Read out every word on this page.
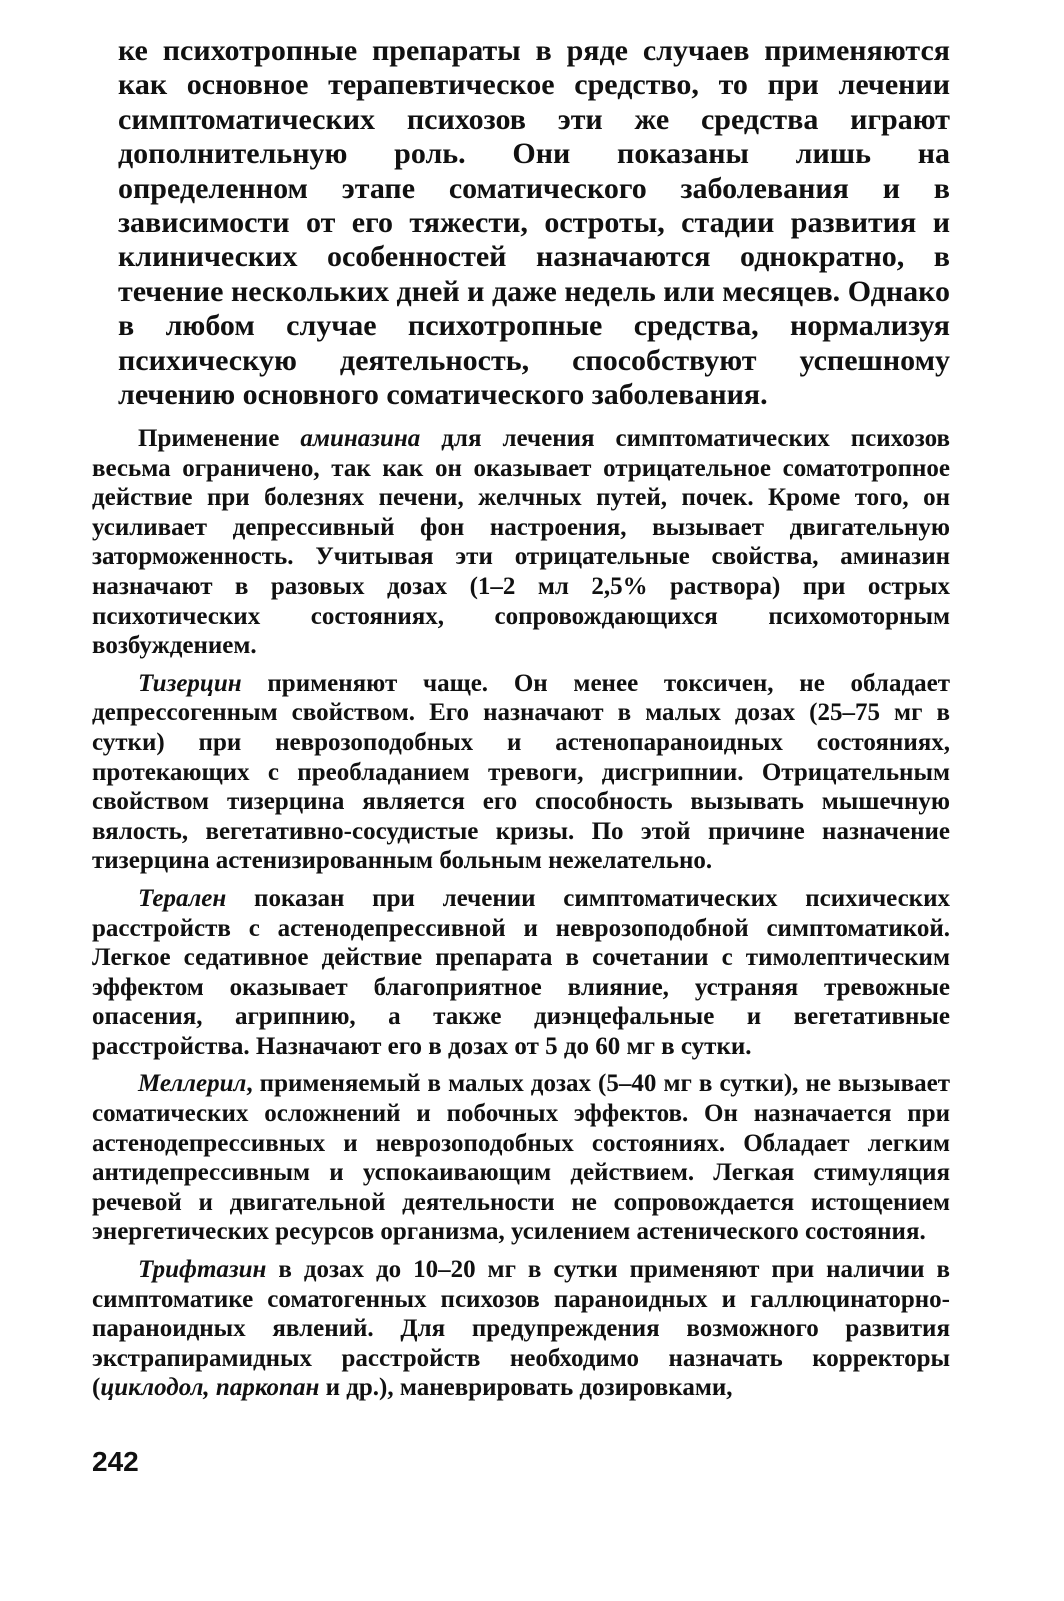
ке психотропные препараты в ряде случаев применяются как основное терапевтическое средство, то при лечении симптоматических психозов эти же средства играют дополнительную роль. Они показаны лишь на определенном этапе соматического заболевания и в зависимости от его тяжести, остроты, стадии развития и клинических особенностей назначаются однократно, в течение нескольких дней и даже недель или месяцев. Однако в любом случае психотропные средства, нормализуя психическую деятельность, способствуют успешному лечению основного соматического заболевания.

Применение аминазина для лечения симптоматических психозов весьма ограничено, так как он оказывает отрицательное соматотропное действие при болезнях печени, желчных путей, почек. Кроме того, он усиливает депрессивный фон настроения, вызывает двигательную заторможенность. Учитывая эти отрицательные свойства, аминазин назначают в разовых дозах (1–2 мл 2,5% раствора) при острых психотических состояниях, сопровождающихся психомоторным возбуждением.

Тизерцин применяют чаще. Он менее токсичен, не обладает депрессогенным свойством. Его назначают в малых дозах (25–75 мг в сутки) при неврозоподобных и астенопараноидных состояниях, протекающих с преобладанием тревоги, дисгрипнии. Отрицательным свойством тизерцина является его способность вызывать мышечную вялость, вегетативно-сосудистые кризы. По этой причине назначение тизерцина астенизированным больным нежелательно.

Терален показан при лечении симптоматических психических расстройств с астенодепрессивной и неврозоподобной симптоматикой. Легкое седативное действие препарата в сочетании с тимолептическим эффектом оказывает благоприятное влияние, устраняя тревожные опасения, агрипнию, а также диэнцефальные и вегетативные расстройства. Назначают его в дозах от 5 до 60 мг в сутки.

Меллерил, применяемый в малых дозах (5–40 мг в сутки), не вызывает соматических осложнений и побочных эффектов. Он назначается при астенодепрессивных и неврозоподобных состояниях. Обладает легким антидепрессивным и успокаивающим действием. Легкая стимуляция речевой и двигательной деятельности не сопровождается истощением энергетических ресурсов организма, усилением астенического состояния.

Трифтазин в дозах до 10–20 мг в сутки применяют при наличии в симптоматике соматогенных психозов параноидных и галлюцинаторно-параноидных явлений. Для предупреждения возможного развития экстрапирамидных расстройств необходимо назначать корректоры (циклодол, паркопан и др.), маневрировать дозировками,

242
